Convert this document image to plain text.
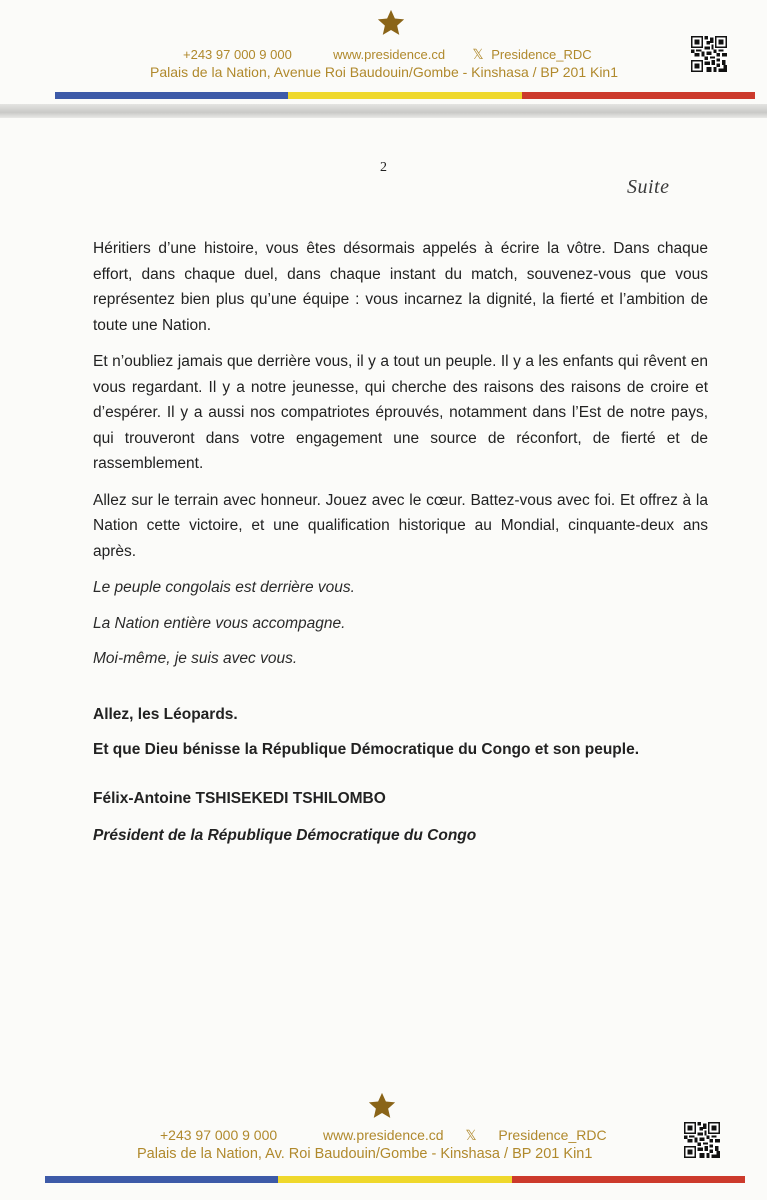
+243 97 000 9 000	www.presidence.cd 𝕏 Presidence_RDC
Palais de la Nation, Avenue Roi Baudouin/Gombe - Kinshasa / BP 201 Kin1
2
Suite

Héritiers d’une histoire, vous êtes désormais appelés à écrire la vôtre. Dans chaque effort, dans chaque duel, dans chaque instant du match, souvenez-vous que vous représentez bien plus qu’une équipe : vous incarnez la dignité, la fierté et l’ambition de toute une Nation.

Et n’oubliez jamais que derrière vous, il y a tout un peuple. Il y a les enfants qui rêvent en vous regardant. Il y a notre jeunesse, qui cherche des raisons des raisons de croire et d’espérer. Il y a aussi nos compatriotes éprouvés, notamment dans l’Est de notre pays, qui trouveront dans votre engagement une source de réconfort, de fierté et de rassemblement.

Allez sur le terrain avec honneur. Jouez avec le cœur. Battez-vous avec foi. Et offrez à la Nation cette victoire, et une qualification historique au Mondial, cinquante-deux ans après.

Le peuple congolais est derrière vous.

La Nation entière vous accompagne.

Moi-même, je suis avec vous.

Allez, les Léopards.

Et que Dieu bénisse la République Démocratique du Congo et son peuple.

Félix-Antoine TSHISEKEDI TSHILOMBO

Président de la République Démocratique du Congo

+243 97 000 9 000	www.presidence.cd 𝕏 Presidence_RDC
Palais de la Nation, Av. Roi Baudouin/Gombe - Kinshasa / BP 201 Kin1
